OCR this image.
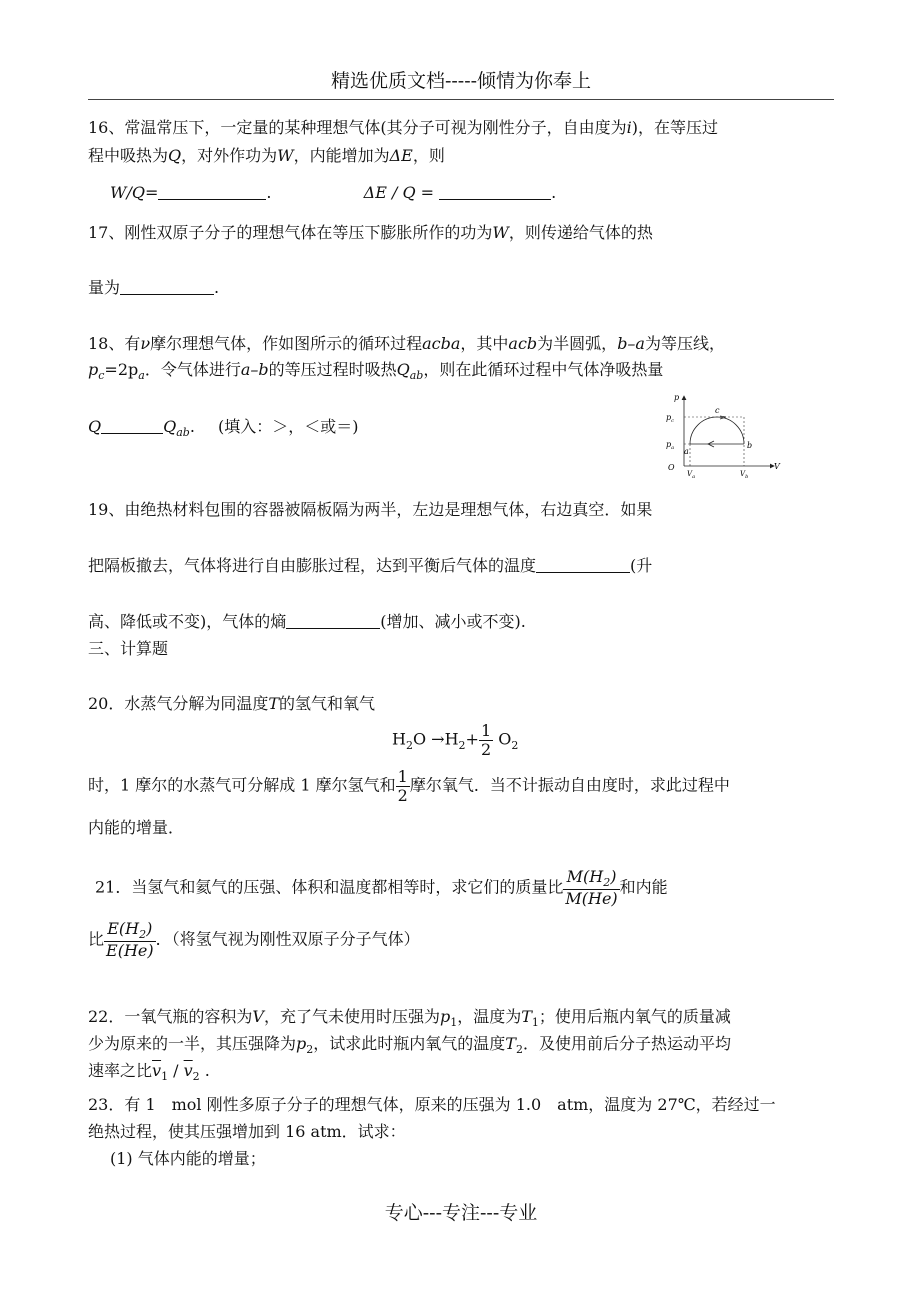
精选优质文档-----倾情为你奉上
16、常温常压下，一定量的某种理想气体(其分子可视为刚性分子，自由度为i)，在等压过
程中吸热为Q，对外作功为W，内能增加为ΔE，则
W/Q=	.	ΔE / Q =	.
17、刚性双原子分子的理想气体在等压下膨胀所作的功为W，则传递给气体的热
量为	.
18、有ν摩尔理想气体，作如图所示的循环过程acba，其中acb为半圆弧，b–a为等压线，
$p_c=2p_a$．令气体进行a–b的等压过程时吸热$Q_{ab}$，则在此循环过程中气体净吸热量
Q	$Q_{ab}$. (填入：＞，＜或＝)
p
$p_c$
$p_a$
O	V
$V_a$	$V_b$
a
b
c
19、由绝热材料包围的容器被隔板隔为两半，左边是理想气体，右边真空．如果
把隔板撤去，气体将进行自由膨胀过程，达到平衡后气体的温度	(升
高、降低或不变)，气体的熵	(增加、减小或不变).
三、计算题
20．水蒸气分解为同温度T的氢气和氧气
$H_2O \to H_2+ \frac{1}{2} O_2$
时，1 摩尔的水蒸气可分解成 1 摩尔氢气和 $\frac{1}{2}$ 摩尔氧气．当不计振动自由度时，求此过程中
内能的增量．
21．当氢气和氦气的压强、体积和温度都相等时，求它们的质量比 $\frac{M(H_2)}{M(He)}$ 和内能
比 $\frac{E(H_2)}{E(He)}$ ．（将氢气视为刚性双原子分子气体）
22．一氧气瓶的容积为V，充了气未使用时压强为$p_1$，温度为$T_1$；使用后瓶内氧气的质量减
少为原来的一半，其压强降为$p_2$，试求此时瓶内氧气的温度$T_2$．及使用前后分子热运动平均
速率之比$\overline{v}_1 / \overline{v}_2$ .
23．有 1　mol 刚性多原子分子的理想气体，原来的压强为 1.0　atm，温度为 27℃，若经过一
绝热过程，使其压强增加到 16 atm．试求：
(1) 气体内能的增量；
专心---专注---专业
